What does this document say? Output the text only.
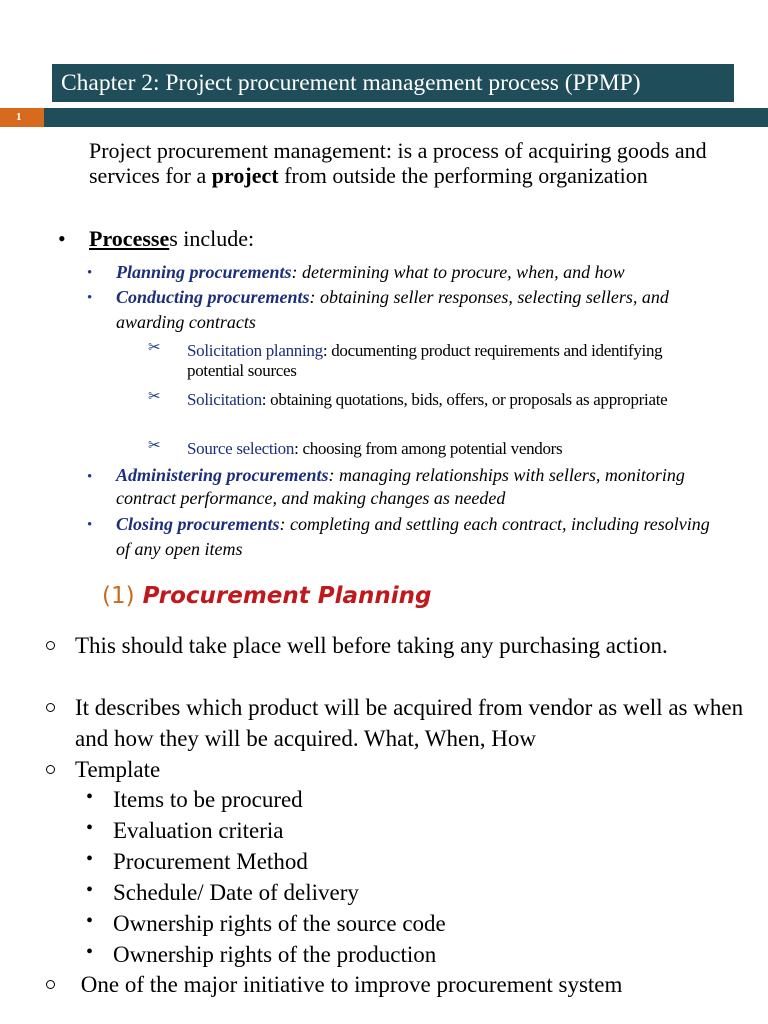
Chapter 2: Project procurement management process (PPMP)
1
Project procurement management: is a process of acquiring goods and services for a project from outside the performing organization
• Processes include:
• Planning procurements: determining what to procure, when, and how
• Conducting procurements: obtaining seller responses, selecting sellers, and awarding contracts
✂ Solicitation planning: documenting product requirements and identifying potential sources
✂ Solicitation: obtaining quotations, bids, offers, or proposals as appropriate
✂ Source selection: choosing from among potential vendors
• Administering procurements: managing relationships with sellers, monitoring contract performance, and making changes as needed
• Closing procurements: completing and settling each contract, including resolving of any open items
(1) Procurement Planning
This should take place well before taking any purchasing action.
It describes which product will be acquired from vendor as well as when and how they will be acquired. What, When, How
Template
• Items to be procured
• Evaluation criteria
• Procurement Method
• Schedule/ Date of delivery
• Ownership rights of the source code
• Ownership rights of the production
One of the major initiative to improve procurement system
